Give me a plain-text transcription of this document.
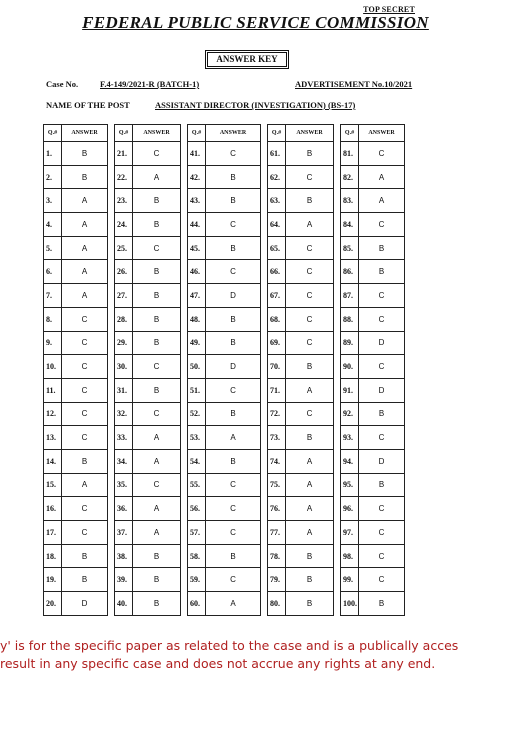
TOP SECRET
FEDERAL PUBLIC SERVICE COMMISSION
ANSWER KEY
Case No.	F.4-149/2021-R (BATCH-1)	ADVERTISEMENT No.10/2021
NAME OF THE POST	ASSISTANT DIRECTOR (INVESTIGATION) (BS-17)
Q.#	ANSWER		Q.#	ANSWER		Q.#	ANSWER		Q.#	ANSWER		Q.#	ANSWER
1.	B		21.	C		41.	C		61.	B		81.	C
2.	B		22.	A		42.	B		62.	C		82.	A
3.	A		23.	B		43.	B		63.	B		83.	A
4.	A		24.	B		44.	C		64.	A		84.	C
5.	A		25.	C		45.	B		65.	C		85.	B
6.	A		26.	B		46.	C		66.	C		86.	B
7.	A		27.	B		47.	D		67.	C		87.	C
8.	C		28.	B		48.	B		68.	C		88.	C
9.	C		29.	B		49.	B		69.	C		89.	D
10.	C		30.	C		50.	D		70.	B		90.	C
11.	C		31.	B		51.	C		71.	A		91.	D
12.	C		32.	C		52.	B		72.	C		92.	B
13.	C		33.	A		53.	A		73.	B		93.	C
14.	B		34.	A		54.	B		74.	A		94.	D
15.	A		35.	C		55.	C		75.	A		95.	B
16.	C		36.	A		56.	C		76.	A		96.	C
17.	C		37.	A		57.	C		77.	A		97.	C
18.	B		38.	B		58.	B		78.	B		98.	C
19.	B		39.	B		59.	C		79.	B		99.	C
20.	D		40.	B		60.	A		80.	B		100.	B
y' is for the specific paper as related to the case and is a publically acces
result in any specific case and does not accrue any rights at any end.
